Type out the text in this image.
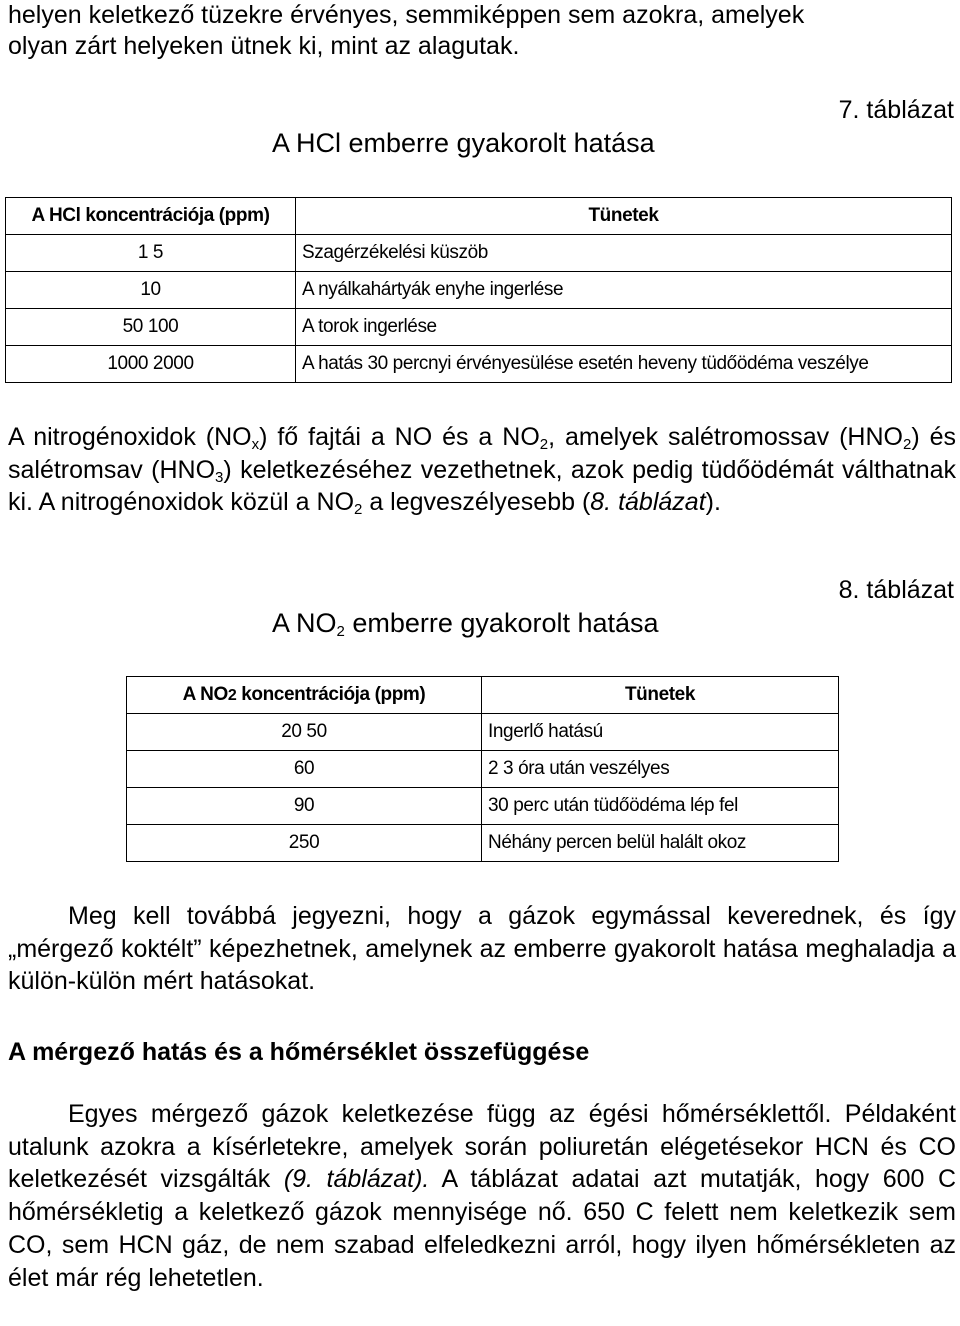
helyen keletkező tüzekre érvényes, semmiképpen sem azokra, amelyek
olyan zárt helyeken ütnek ki, mint az alagutak.
7. táblázat
A HCl emberre gyakorolt hatása
A HCl koncentrációja (ppm)	Tünetek
1 5	Szagérzékelési küszöb
10	A nyálkahártyák enyhe ingerlése
50 100	A torok ingerlése
1000 2000	A hatás 30 percnyi érvényesülése esetén heveny tüdőödéma veszélye

A nitrogénoxidok $(NO_x)$ fő fajtái a NO és a $NO_2$, amelyek salétromossav $(HNO_2)$ és salétromsav $(HNO_3)$ keletkezéséhez vezethetnek, azok pedig tüdőödémát válthatnak ki. A nitrogénoxidok közül a $NO_2$ a legveszélyesebb (8. táblázat).

8. táblázat
A $NO_2$ emberre gyakorolt hatása
A NO2 koncentrációja (ppm)	Tünetek
20 50	Ingerlő hatású
60	2 3 óra után veszélyes
90	30 perc után tüdőödéma lép fel
250	Néhány percen belül halált okoz

Meg kell továbbá jegyezni, hogy a gázok egymással keverednek, és így „mérgező koktélt” képezhetnek, amelynek az emberre gyakorolt hatása meghaladja a külön-külön mért hatásokat.

A mérgező hatás és a hőmérséklet összefüggése

Egyes mérgező gázok keletkezése függ az égési hőmérséklettől. Példaként utalunk azokra a kísérletekre, amelyek során poliuretán elégetésekor HCN és CO keletkezését vizsgálták (9. táblázat). A táblázat adatai azt mutatják, hogy 600 C hőmérsékletig a keletkező gázok mennyisége nő. 650 C felett nem keletkezik sem CO, sem HCN gáz, de nem szabad elfeledkezni arról, hogy ilyen hőmérsékleten az élet már rég lehetetlen.
